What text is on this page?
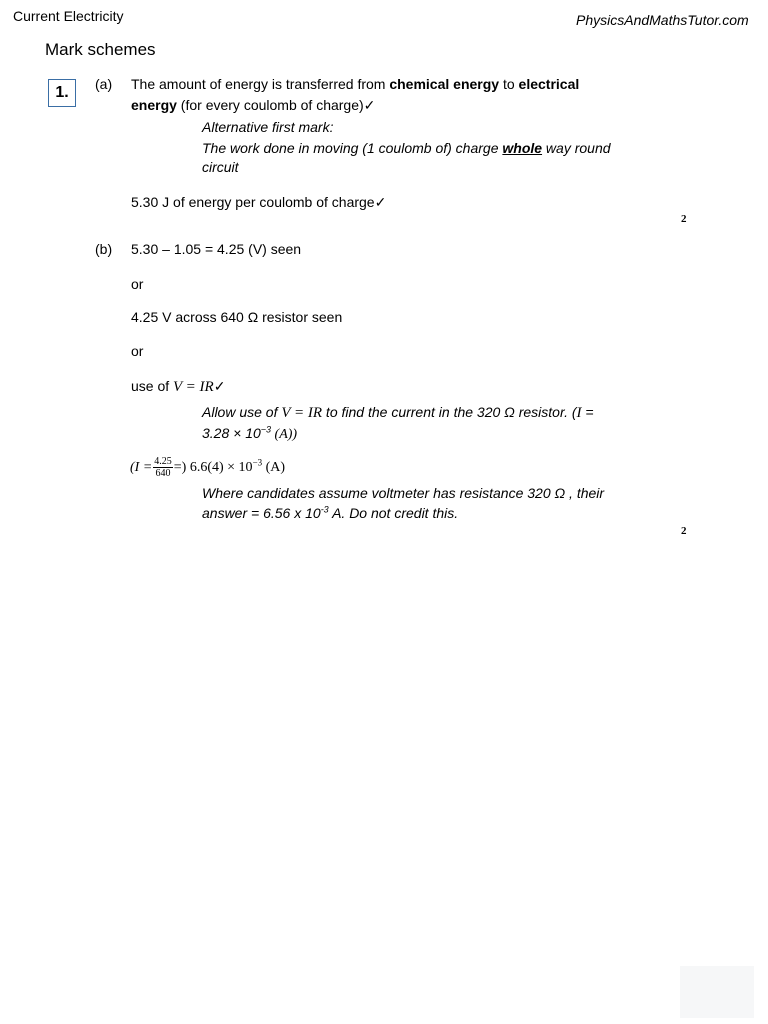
Current Electricity	PhysicsAndMathsTutor.com
Mark schemes
1.	(a) The amount of energy is transferred from chemical energy to electrical
energy (for every coulomb of charge)✓
Alternative first mark:
The work done in moving (1 coulomb of) charge whole way round
circuit
5.30 J of energy per coulomb of charge✓
2
(b) 5.30 – 1.05 = 4.25 (V) seen
or
4.25 V across 640 Ω resistor seen
or
use of V = IR✓
Allow use of V = IR to find the current in the 320 Ω resistor. (I =
$3.28 \times 10^{-3}$ (A))
($I = \frac{4.25}{640}$ =) $6.6(4) \times 10^{-3}$ (A)
Where candidates assume voltmeter has resistance 320 Ω , their
answer = 6.56 x $10^{-3}$ A. Do not credit this.
2
